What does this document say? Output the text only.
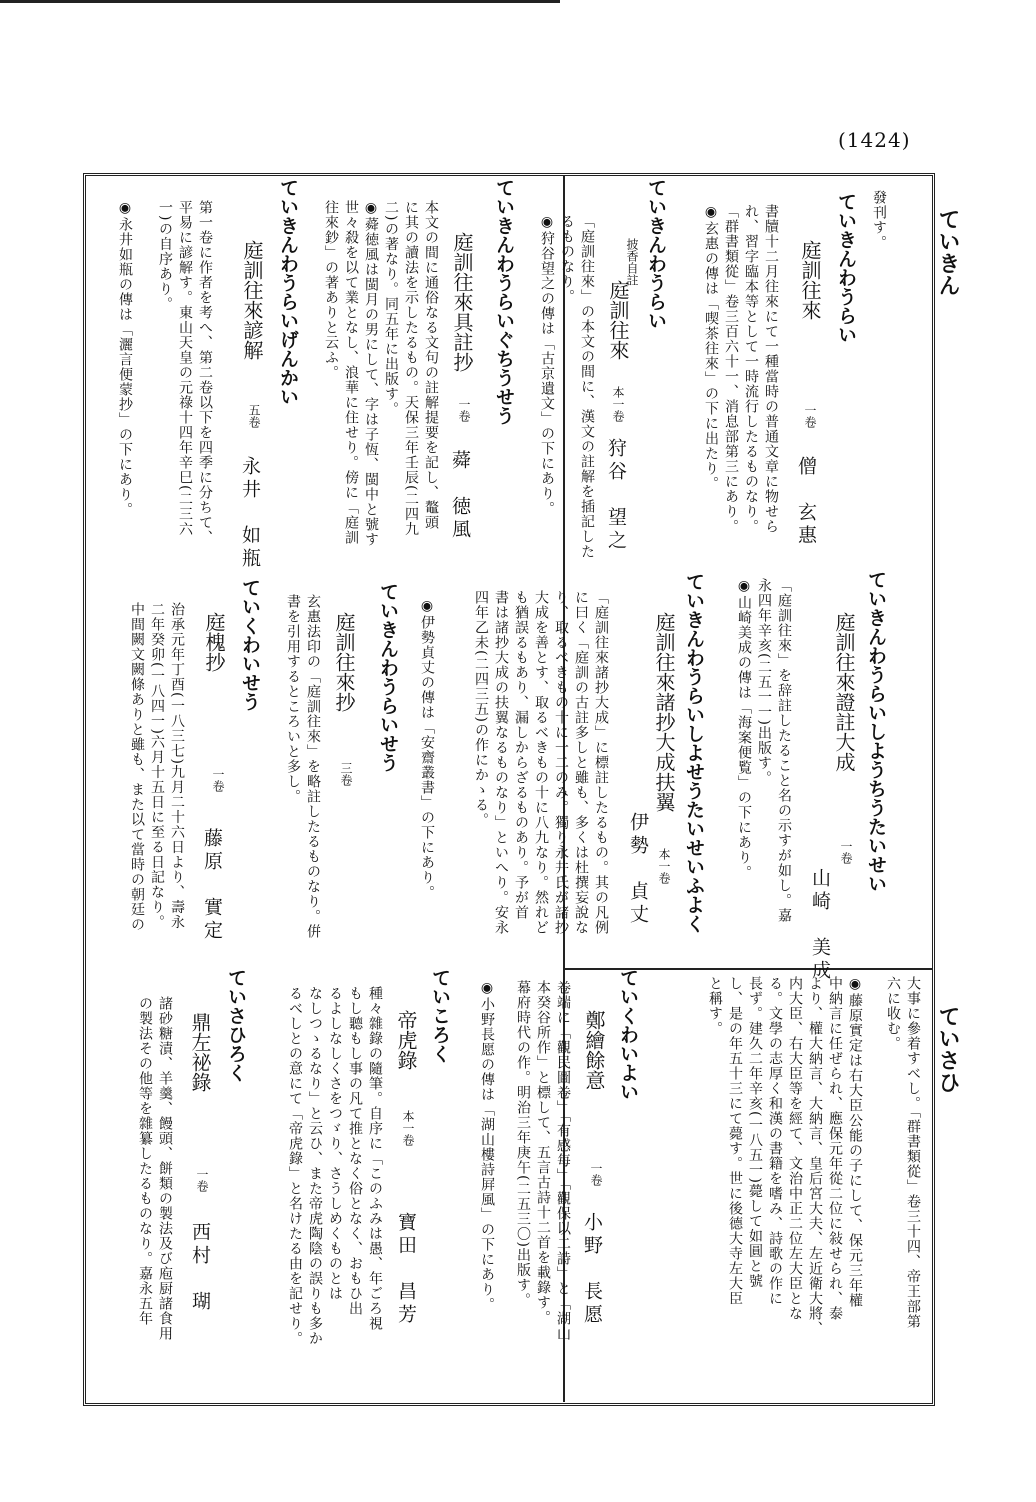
(1424)
ていきん
ていさひ
ていきんわうらいしようちうたいせい
庭訓往來證註大成
一卷
山崎　美成
「庭訓往來」を辞註したること名の示すが如し。嘉
永四年辛亥(二五一一)出版す。
◉山崎美成の傳は「海案便覧」の下にあり。
ていきんわうらいしよせうたいせいふよく
庭訓往來諸抄大成扶翼
伊勢　貞丈 本一卷
「庭訓往來諸抄大成」に標註したるもの。其の凡例
に曰く「庭訓の古註多しと雖も、多くは杜撰妄說な
り、取るべきもの十に一二のみ。獨り永井氏が諸抄
大成を善とす、取るべきもの十に八九なり。然れど
も猶誤るもあり、漏しからざるものあり。予が首
書は諸抄大成の扶翼なるものなり」といへり。安永
四年乙未(二四三五)の作にかゝる。
◉伊勢貞丈の傳は「安齋叢書」の下にあり。
ていきんわうらいせう
庭訓往來抄
三卷
玄惠法印の「庭訓往來」を略註したるものなり。倂
書を引用するところいと多し。
ていくわいせう
庭槐抄
一卷
藤原　實定
治承元年丁酉(一八三七)九月二十六日より、壽永
二年癸卯(一八四一)六月十五日に至る日記なり。
中間闕文闕條ありと雖も、また以て當時の朝廷の
發刊す。
ていきんわうらい
庭訓往來
一卷
僧　玄惠
書牘十二月往來にて一種當時の普通文章に物せら
れ、習字臨本等として一時流行したるものなり。
「群書類從」卷三百六十一、消息部第三にあり。
◉玄惠の傳は「喫茶往來」の下に出たり。
ていきんわうらい
披香自註
庭訓往來
本一卷
狩谷　望之
「庭訓往來」の本文の間に、漢文の註解を插記した
るものなり。
◉狩谷望之の傳は「古京遺文」の下にあり。
ていきんわうらいぐちうせう
庭訓往來具註抄
一卷
蕣　徳風
本文の間に通俗なる文句の註解提要を記し、鼇頭
に其の讀法を示したるもの。天保三年壬辰(二四九
二)の著なり。同五年に出版す。
◉蕣徳風は閩月の男にして、字は子恆、閩中と號す
世々殺を以て業となし、浪華に住せり。傍に「庭訓
往來鈔」の著ありと云ふ。
ていきんわうらいげんかい
庭訓往來諺解
五卷
永井　如瓶
第一卷に作者を考へ、第二卷以下を四季に分ちて、
平易に諺解す。東山天皇の元祿十四年辛巳(二三六
一)の自序あり。
◉永井如瓶の傳は「灑言便蒙抄」の下にあり。
大事に參着すべし。「群書類從」卷三十四、帝王部第
六に收む。
◉藤原實定は右大臣公能の子にして、保元三年權
中納言に任ぜられ、應保元年從二位に敍せられ、泰
より、權大納言、大納言、皇后宮大夫、左近衛大將、
内大臣、右大臣等を經て、文治中正二位左大臣とな
る。文學の志厚く和漢の書籍を嗜み、詩歌の作に
長ず。建久二年辛亥(一八五一)薨して如圓と號
し、是の年五十三にて薨す。世に後德大寺左大臣
と稱す。
ていくわいよい
鄭繪餘意
一卷
小野　長愿
卷端に「觀民圖卷」「有感每」「觀保以二詩」と「湖山
本癸谷所作」と標して、五言古詩十二首を載錄す。
幕府時代の作。明治三年庚午(二五三〇)出版す。
◉小野長愿の傳は「湖山樓詩屛風」の下にあり。
ていころく
帝虎錄
本一卷
寶田　昌芳
種々雜錄の隨筆。自序に「このふみは愚、年ごろ視
もし聽もし事の凡て推となく俗となく、おもひ出
るよしなしくさをつゞり、さうしめくものとは
なしつゝるなり」と云ひ、また帝虎陶陰の誤りも多か
るべしとの意にて「帝虎錄」と名けたる由を記せり。
ていさひろく
鼎左祕錄
一卷
西村　瑚
諸砂糖漬、羊羹、饅頭、餅類の製法及び庖厨諸食用
の製法その他等を雜纂したるものなり。嘉永五年
